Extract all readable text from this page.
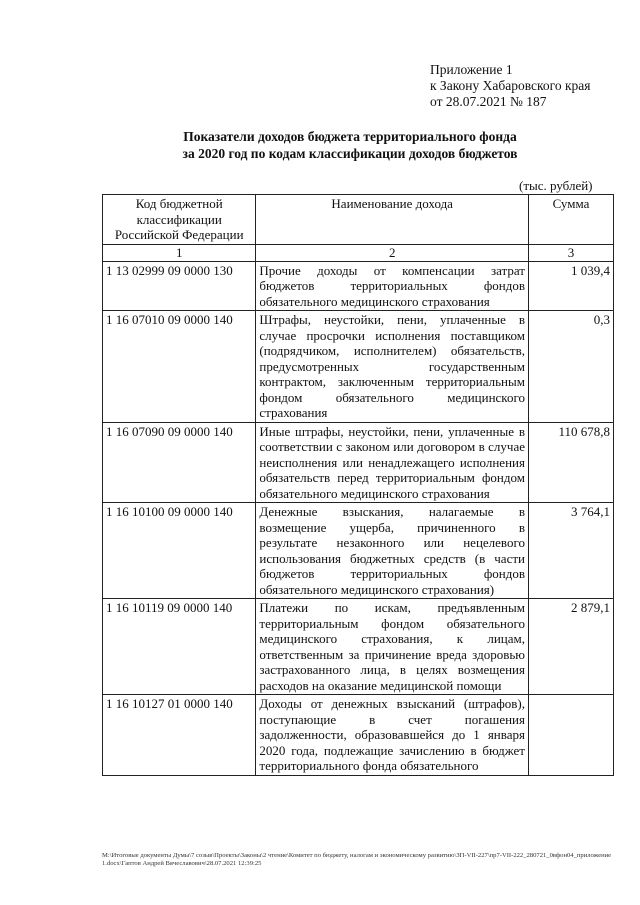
Приложение 1
к Закону Хабаровского края
от 28.07.2021 № 187
Показатели доходов бюджета территориального фонда
за 2020 год по кодам классификации доходов бюджетов
(тыс. рублей)
Код бюджетной классификации Российской Федерации	Наименование дохода	Сумма
1	2	3
1 13 02999 09 0000 130	Прочие доходы от компенсации затрат бюджетов территориальных фондов обязательного медицинского страхования	1 039,4
1 16 07010 09 0000 140	Штрафы, неустойки, пени, уплаченные в случае просрочки исполнения поставщиком (подрядчиком, исполнителем) обязательств, предусмотренных государственным контрактом, заключенным территориальным фондом обязательного медицинского страхования	0,3
1 16 07090 09 0000 140	Иные штрафы, неустойки, пени, уплаченные в соответствии с законом или договором в случае неисполнения или ненадлежащего исполнения обязательств перед территориальным фондом обязательного медицинского страхования	110 678,8
1 16 10100 09 0000 140	Денежные взыскания, налагаемые в возмещение ущерба, причиненного в результате незаконного или нецелевого использования бюджетных средств (в части бюджетов территориальных фондов обязательного медицинского страхования)	3 764,1
1 16 10119 09 0000 140	Платежи по искам, предъявленным территориальным фондом обязательного медицинского страхования, к лицам, ответственным за причинение вреда здоровью застрахованного лица, в целях возмещения расходов на оказание медицинской помощи	2 879,1
1 16 10127 01 0000 140	Доходы от денежных взысканий (штрафов), поступающие в счет погашения задолженности, образовавшейся до 1 января 2020 года, подлежащие зачислению в бюджет территориального фонда обязательного	
M:\Итоговые документы Думы\7 созыв\Проекты\Законы\2 чтение\Комитет по бюджету, налогам и экономическому развитию\ЗП-VII-227\пр7-VII-222_280721_0вфон04_приложение 1.docx\Гаптов Андрей Вячеславович\28.07.2021 12:39:25
